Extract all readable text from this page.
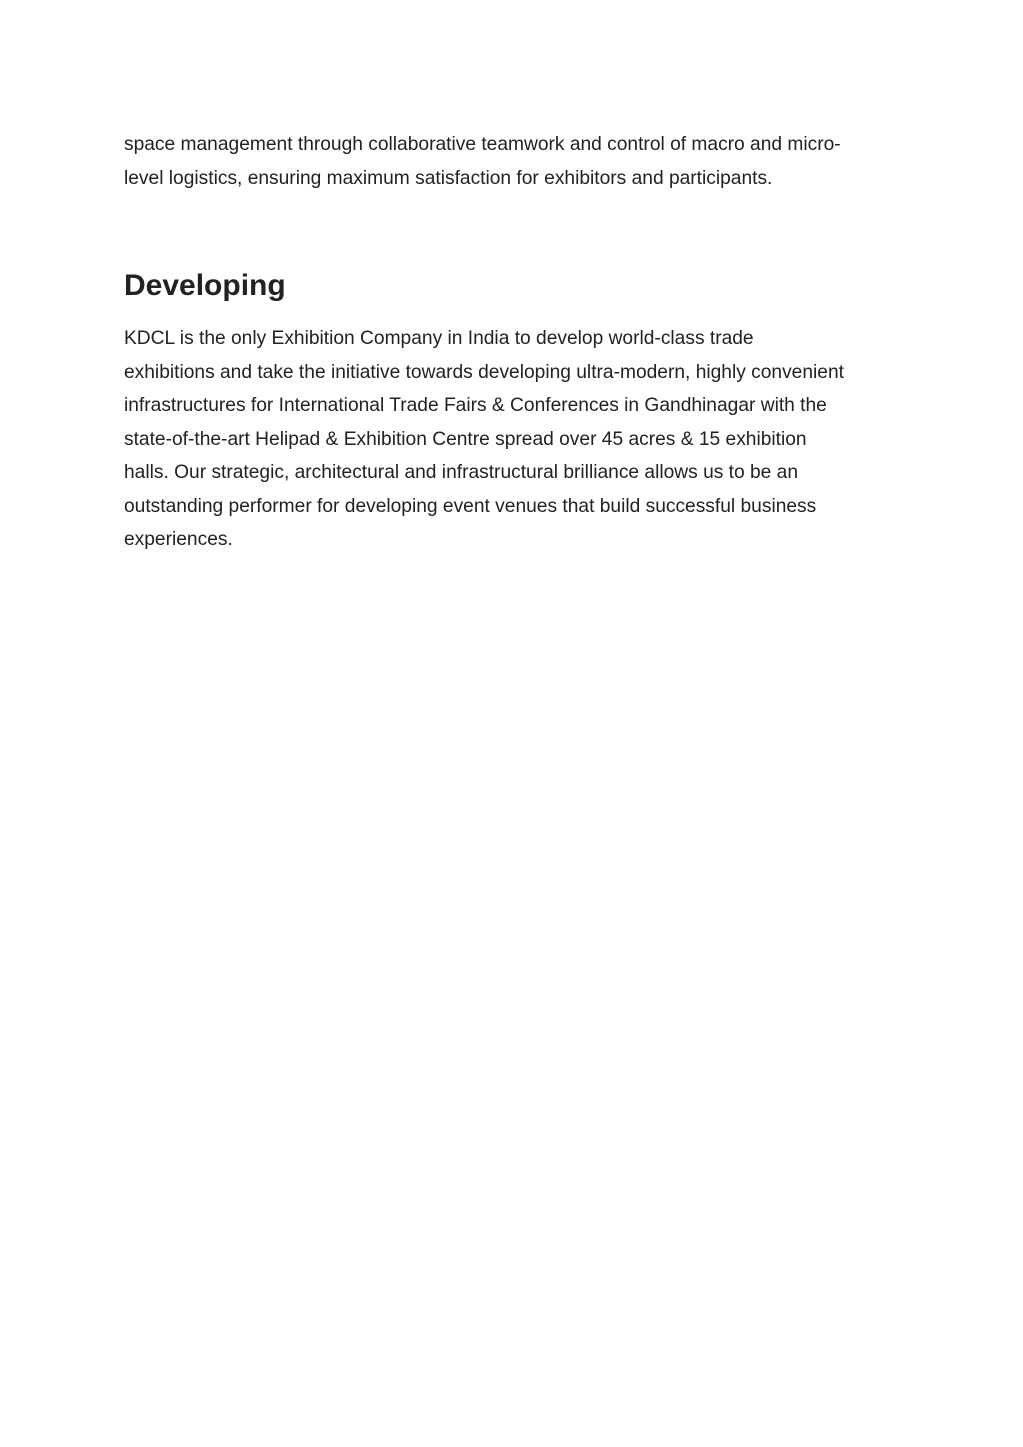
space management through collaborative teamwork and control of macro and micro-
level logistics, ensuring maximum satisfaction for exhibitors and participants.

Developing

KDCL is the only Exhibition Company in India to develop world-class trade
exhibitions and take the initiative towards developing ultra-modern, highly convenient
infrastructures for International Trade Fairs & Conferences in Gandhinagar with the
state-of-the-art Helipad & Exhibition Centre spread over 45 acres & 15 exhibition
halls. Our strategic, architectural and infrastructural brilliance allows us to be an
outstanding performer for developing event venues that build successful business
experiences.
